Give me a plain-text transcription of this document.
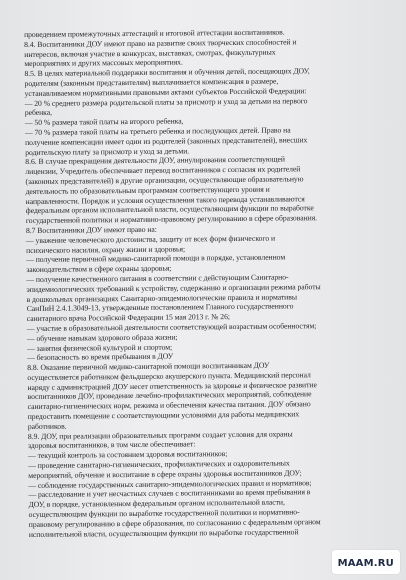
проведением промежуточных аттестаций и итоговой аттестации воспитанников.
8.4. Воспитанники ДОУ имеют право на развитие своих творческих способностей и
интересов, включая участие в конкурсах, выставках, смотрах, физкультурных
мероприятиях и других массовых мероприятиях.
8.5. В целях материальной поддержки воспитания и обучения детей, посещающих ДОУ,
родителям (законным представителям) выплачивается компенсация в размере,
устанавливаемом нормативными правовыми актами субъектов Российской Федерации:
— 20 % среднего размера родительской платы за присмотр и уход за детьми на первого
ребенка,
— 50 % размера такой платы на второго ребенка,
— 70 % размера такой платы на третьего ребенка и последующих детей. Право на
получение компенсации имеет один из родителей (законных представителей), внесших
родительскую плату за присмотр и уход за детьми.
8.6. В случае прекращения деятельности ДОУ, аннулирования соответствующей
лицензии, Учредитель обеспечивает перевод воспитанников с согласия их родителей
(законных представителей) в другие организации, осуществляющие образовательную
деятельность по образовательным программам соответствующего уровня и
направленности. Порядок и условия осуществления такого перевода устанавливаются
федеральным органом исполнительной власти, осуществляющим функции по выработке
государственной политики и нормативно-правовому регулированию в сфере образования.
8.7 Воспитанники ДОУ имеют право на:
— уважение человеческого достоинства, защиту от всех форм физического и
психического насилия, охрану жизни и здоровья;
— получение первичной медико-санитарной помощи в порядке, установленном
законодательством в сфере охраны здоровья;
— получение качественного питания в соответствии с действующим Санитарно-
эпидемиологических требований к устройству, содержанию и организации режима работы
в дошкольных организациях Санитарно-эпидемиологические правила и нормативы
СанПиН 2.4.1.3049-13, утвержденные постановлением Главного государственного
санитарного врача Российской Федерации 15 мая 2013 г. № 26;
— участие в образовательной деятельности соответствующей возрастным особенностям;
— обучение навыкам здорового образа жизни;
— занятия физической культурой и спортом;
— безопасность во время пребывания в ДОУ
8.8. Оказание первичной медико-санитарной помощи воспитанникам ДОУ
осуществляется работником фельдшерско акушерского пункта. Медицинский персонал
наряду с администрацией ДОУ несет ответственность за здоровье и физическое развитие
воспитанников ДОУ, проведение лечебно-профилактических мероприятий, соблюдение
санитарно-гигиенических норм, режима и обеспечения качества питания. ДОУ обязано
предоставить помещение с соответствующими условиями для работы медицинских
работников.
8.9. ДОУ, при реализации образовательных программ создает условия для охраны
здоровья воспитанников, в том числе обеспечивает:
— текущий контроль за состоянием здоровья воспитанников;
— проведение санитарно-гигиенических, профилактических и оздоровительных
мероприятий, обучение и воспитание в сфере охраны здоровья воспитанников ДОУ;
— соблюдение государственных санитарно-эпидемиологических правил и нормативов;
— расследование и учет несчастных случаев с воспитанниками во время пребывания в
ДОУ, в порядке, установленном федеральным органом исполнительной власти,
осуществляющим функции по выработке государственной политики и нормативно-
правовому регулированию в сфере образования, по согласованию с федеральным органом
исполнительной власти, осуществляющим функции по выработке государственной
MAAM.RU
